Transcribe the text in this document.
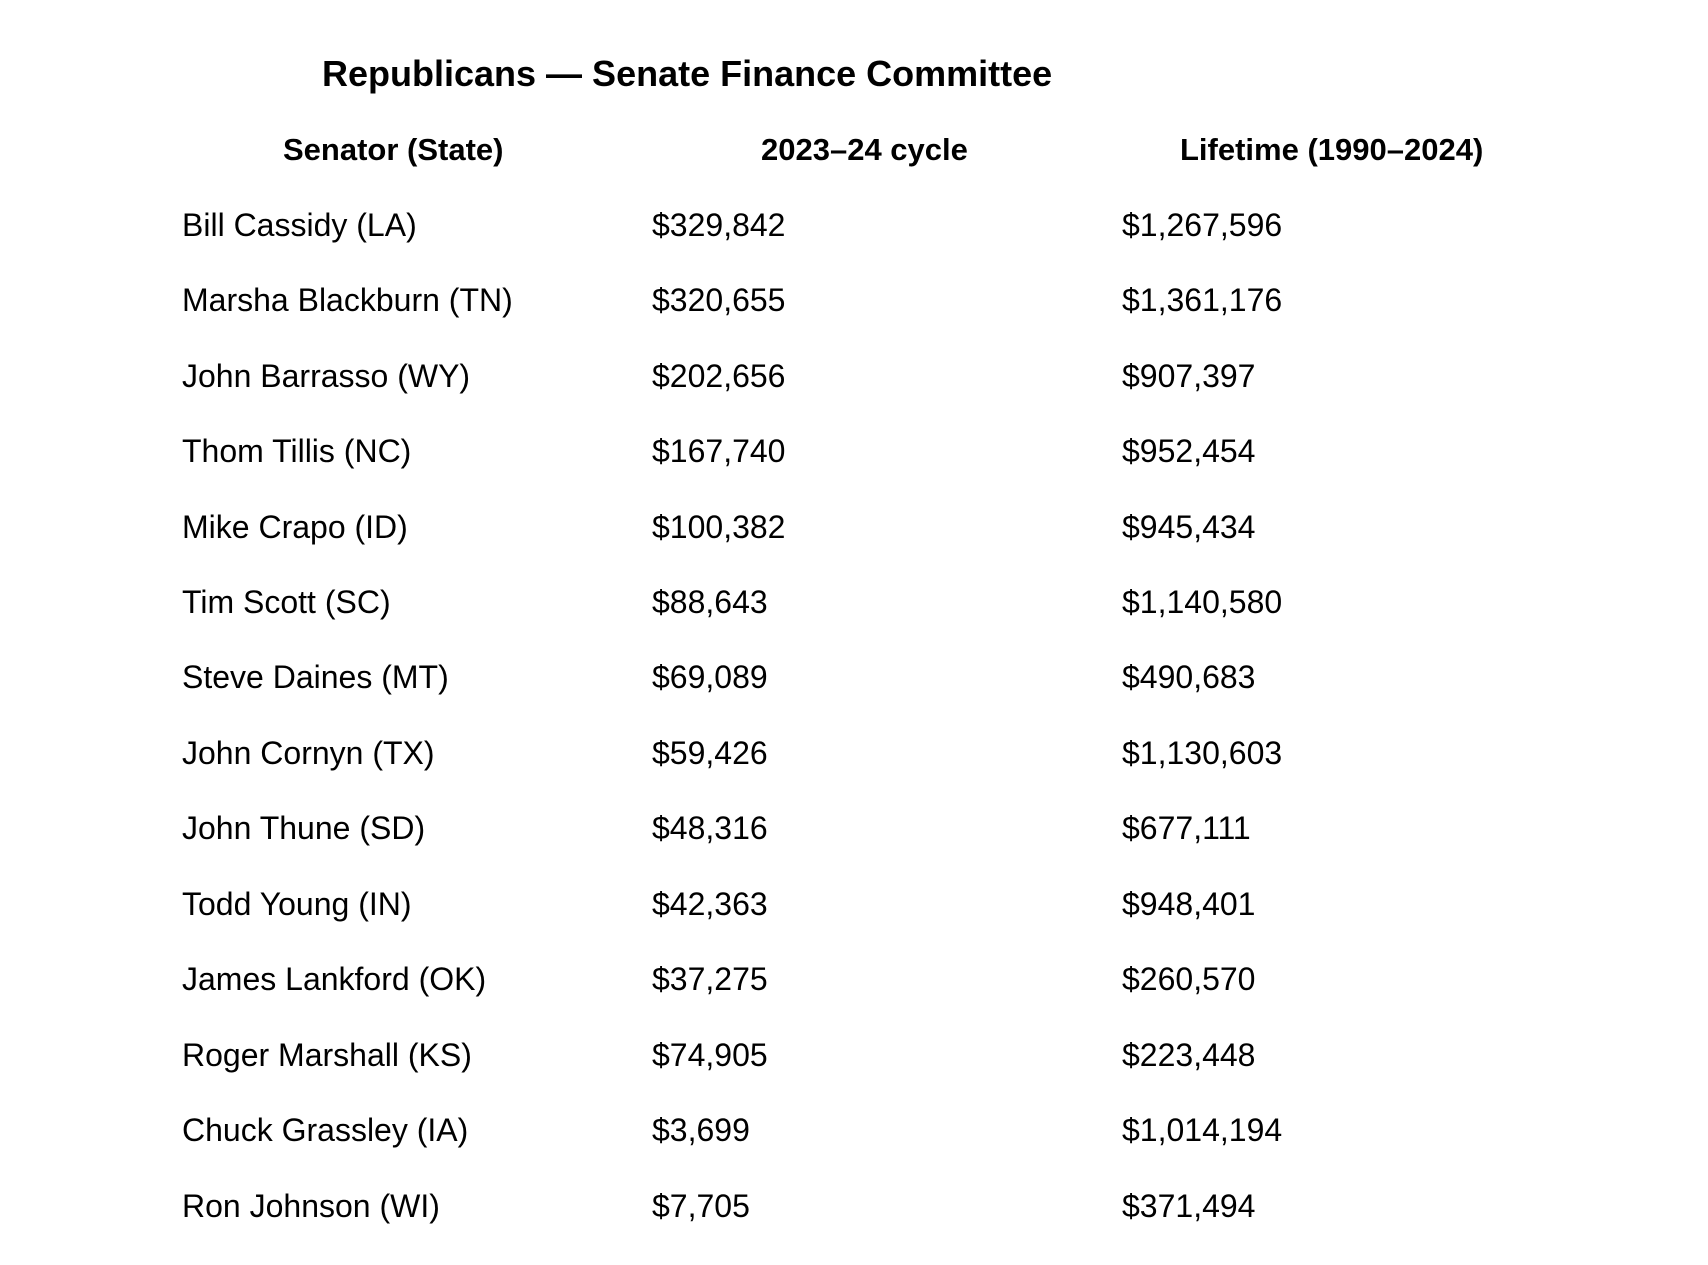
Republicans — Senate Finance Committee
Senator (State)	2023–24 cycle	Lifetime (1990–2024)
Bill Cassidy (LA)	$329,842	$1,267,596
Marsha Blackburn (TN)	$320,655	$1,361,176
John Barrasso (WY)	$202,656	$907,397
Thom Tillis (NC)	$167,740	$952,454
Mike Crapo (ID)	$100,382	$945,434
Tim Scott (SC)	$88,643	$1,140,580
Steve Daines (MT)	$69,089	$490,683
John Cornyn (TX)	$59,426	$1,130,603
John Thune (SD)	$48,316	$677,111
Todd Young (IN)	$42,363	$948,401
James Lankford (OK)	$37,275	$260,570
Roger Marshall (KS)	$74,905	$223,448
Chuck Grassley (IA)	$3,699	$1,014,194
Ron Johnson (WI)	$7,705	$371,494
